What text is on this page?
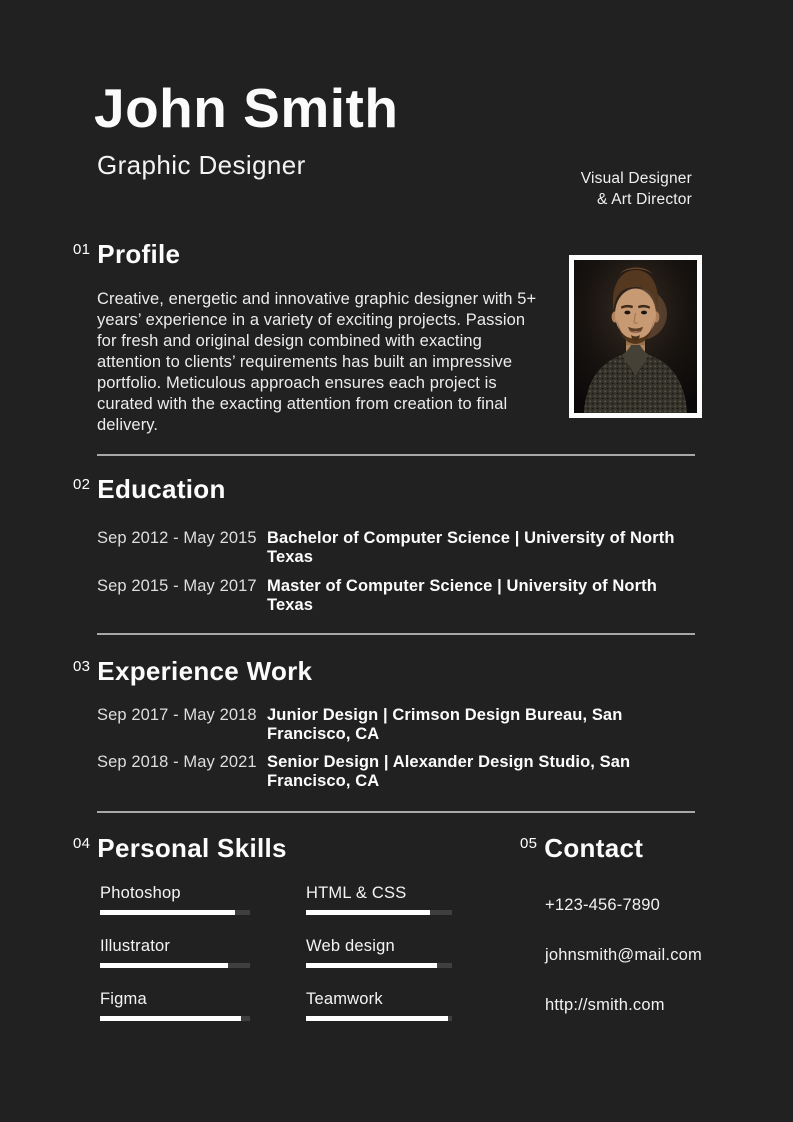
John Smith
Graphic Designer	Visual Designer
& Art Director
01 Profile

Creative, energetic and innovative graphic designer with 5+ years’ experience in a variety of exciting projects. Passion for fresh and original design combined with exacting attention to clients’ requirements has built an impressive portfolio. Meticulous approach ensures each project is curated with the exacting attention from creation to final delivery.

02 Education
Sep 2012 - May 2015 Bachelor of Computer Science | University of North Texas
Sep 2015 - May 2017 Master of Computer Science | University of North Texas
03 Experience Work
Sep 2017 - May 2018 Junior Design | Crimson Design Bureau, San Francisco, CA
Sep 2018 - May 2021 Senior Design | Alexander Design Studio, San Francisco, CA
04 Personal Skills
Photoshop	HTML & CSS
Illustrator	Web design
Figma	Teamwork
05 Contact
+123-456-7890
johnsmith@mail.com
http://smith.com
